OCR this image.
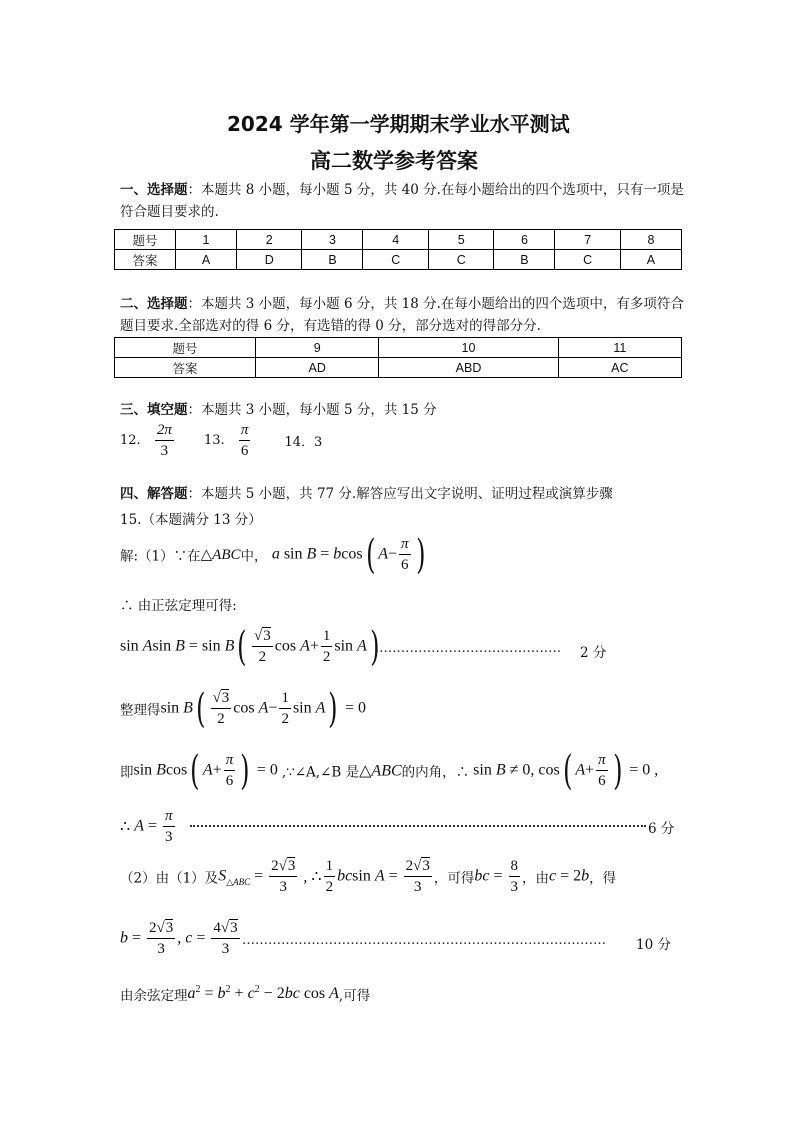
2024 学年第一学期期末学业水平测试
高二数学参考答案
一、选择题：本题共 8 小题，每小题 5 分，共 40 分.在每小题给出的四个选项中，只有一项是符合题目要求的.
题号	1	2	3	4	5	6	7	8
答案	A	D	B	C	C	B	C	A
二、选择题：本题共 3 小题，每小题 6 分，共 18 分.在每小题给出的四个选项中，有多项符合题目要求.全部选对的得 6 分，有选错的得 0 分，部分选对的得部分分.
题号	9	10	11
答案	AD	ABD	AC
三、填空题：本题共 3 小题，每小题 5 分，共 15 分
12. $\frac{2\pi}{3} 13$. $\frac{\pi}{6}$	14．3
四、解答题：本题共 5 小题，共 77 分.解答应写出文字说明、证明过程或演算步骤
15.（本题满分 13 分）
解:（1）∵在△ABC中， a sin B = bcos( $A- \frac{\pi}{6}$ )
∴ 由正弦定理可得:
sin Asin $B = \sin B( \frac{√3}{2}$ $\cos A+ \frac{1}{2}$ sin A)
,…………………………………… 2 分
整理得$\sin B( \frac{√3}{2}$ $\cos A- \frac{1}{2}$ sin A) = 0
即sin Bcos( $A+ \frac{\pi}{6}$ ) = 0 ,∵∠A,∠B 是△ABC的内角，∴ sin B ≠ 0, cos( $A+ \frac{\pi}{6}$ ) = 0 ,
∴ $A = \frac{\pi}{3}$	6 分
（2）由（1）及$S_{\triangle ABC} = \frac{2√3}{3}$ , ∴ $\frac{1}{2}$ bcsin $A = \frac{2√3}{3}$ ，可得bc = $\frac{8}{3}$ ，由c = 2b，得
$b = \frac{2√3}{3}$ , $c = \frac{4√3}{3}$ ………………………………………………………………………… 10 分
由余弦定理$a^2 = b^2 + c^2 - 2bc$ cos A,可得
